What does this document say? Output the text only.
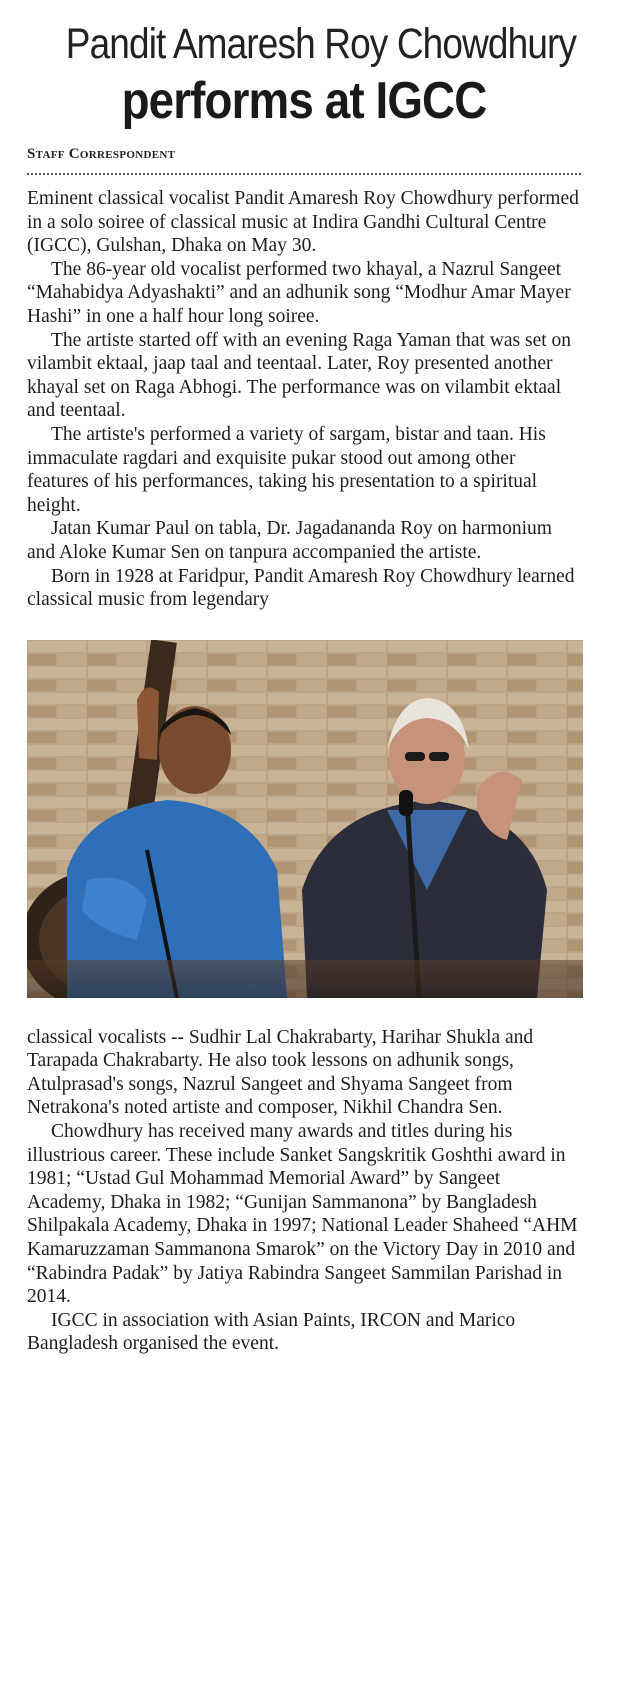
Pandit Amaresh Roy Chowdhury
performs at IGCC
Staff Correspondent

Eminent classical vocalist Pandit Amaresh Roy Chowdhury performed in a solo soiree of classical music at Indira Gandhi Cultural Centre (IGCC), Gulshan, Dhaka on May 30.

The 86-year old vocalist performed two khayal, a Nazrul Sangeet “Mahabidya Adyashakti” and an adhunik song “Modhur Amar Mayer Hashi” in one a half hour long soiree.

The artiste started off with an evening Raga Yaman that was set on vilambit ektaal, jaap taal and teentaal. Later, Roy presented another khayal set on Raga Abhogi. The performance was on vilambit ektaal and teentaal.

The artiste's performed a variety of sargam, bistar and taan. His immaculate ragdari and exquisite pukar stood out among other features of his performances, taking his presentation to a spiritual height.

Jatan Kumar Paul on tabla, Dr. Jagadananda Roy on harmonium and Aloke Kumar Sen on tanpura accompanied the artiste.

Born in 1928 at Faridpur, Pandit Amaresh Roy Chowdhury learned classical music from legendary

classical vocalists -- Sudhir Lal Chakrabarty, Harihar Shukla and Tarapada Chakrabarty. He also took lessons on adhunik songs, Atulprasad's songs, Nazrul Sangeet and Shyama Sangeet from Netrakona's noted artiste and composer, Nikhil Chandra Sen.

Chowdhury has received many awards and titles during his illustrious career. These include Sanket Sangskritik Goshthi award in 1981; “Ustad Gul Mohammad Memorial Award” by Sangeet Academy, Dhaka in 1982; “Gunijan Sammanona” by Bangladesh Shilpakala Academy, Dhaka in 1997; National Leader Shaheed “AHM Kamaruzzaman Sammanona Smarok” on the Victory Day in 2010 and “Rabindra Padak” by Jatiya Rabindra Sangeet Sammilan Parishad in 2014.

IGCC in association with Asian Paints, IRCON and Marico Bangladesh organised the event.
